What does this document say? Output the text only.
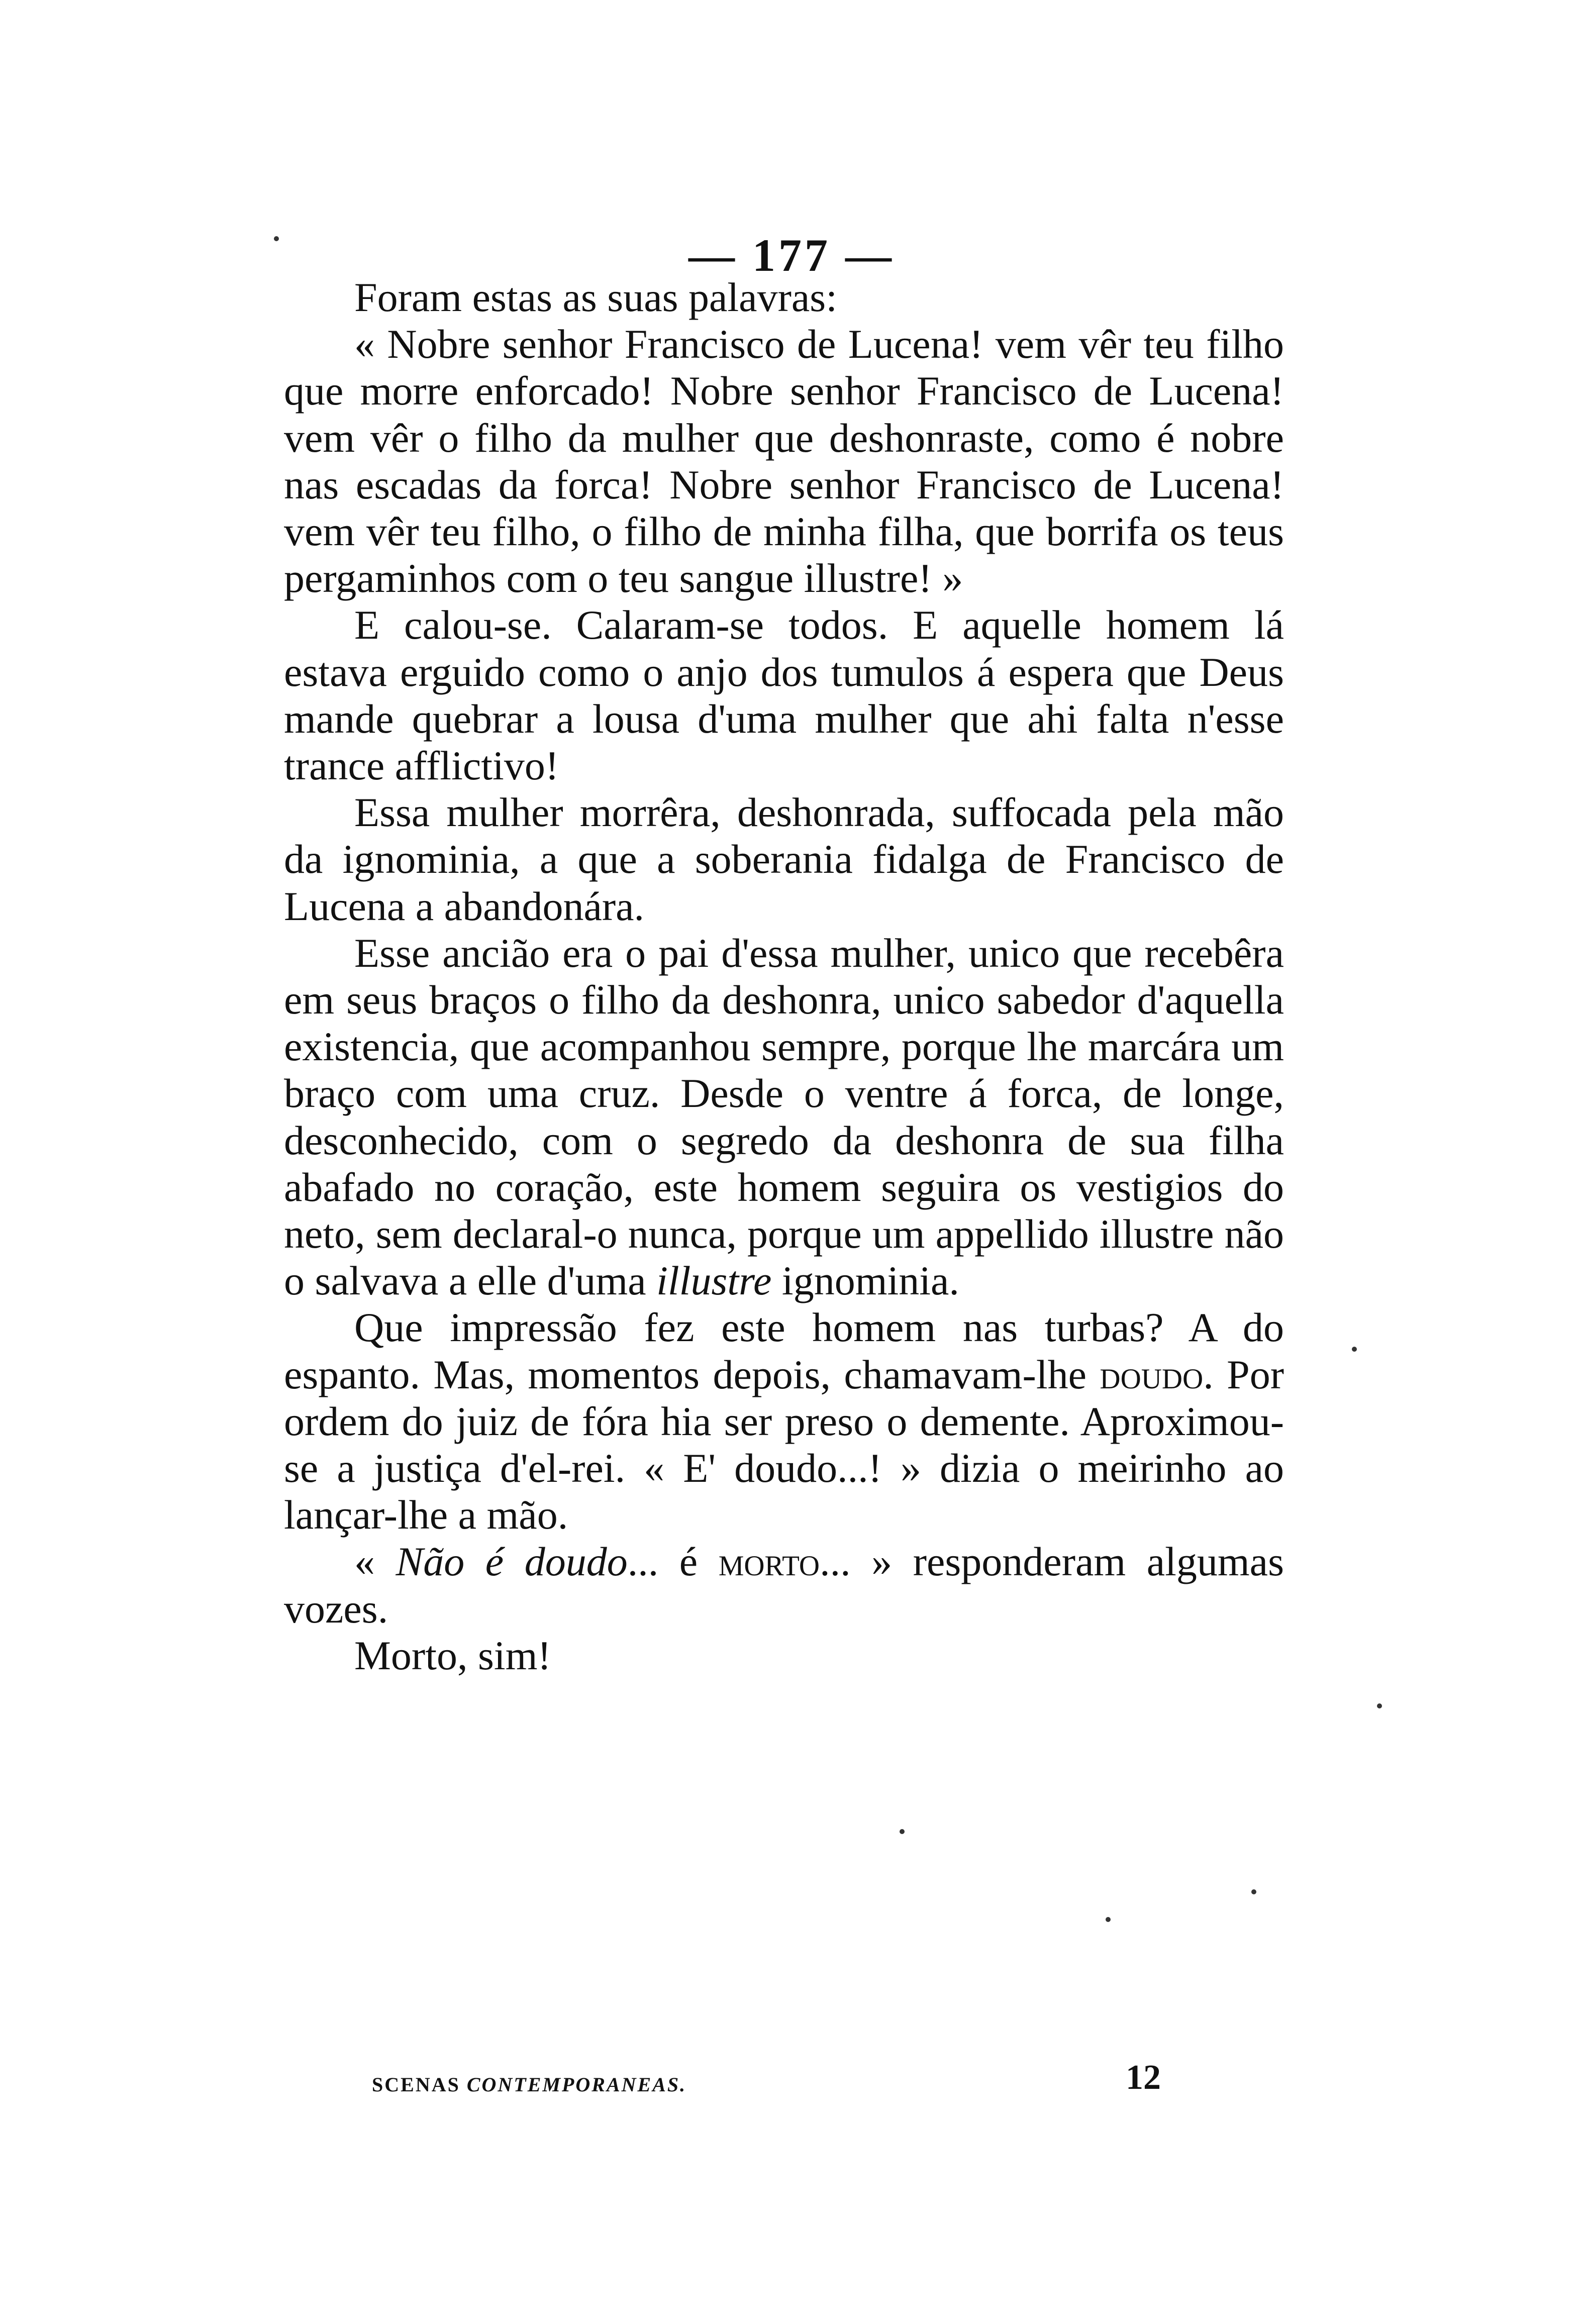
— 177 —

Foram estas as suas palavras:

« Nobre senhor Francisco de Lucena! vem vêr teu filho que morre enforcado! Nobre senhor Francisco de Lucena! vem vêr o filho da mulher que deshonraste, como é nobre nas escadas da forca! Nobre senhor Francisco de Lucena! vem vêr teu filho, o filho de minha filha, que borrifa os teus pergaminhos com o teu sangue illustre! »

E calou-se. Calaram-se todos. E aquelle homem lá estava erguido como o anjo dos tumulos á espera que Deus mande quebrar a lousa d'uma mulher que ahi falta n'esse trance afflictivo!

Essa mulher morrêra, deshonrada, suffocada pela mão da ignominia, a que a soberania fidalga de Francisco de Lucena a abandonára.

Esse ancião era o pai d'essa mulher, unico que recebêra em seus braços o filho da deshonra, unico sabedor d'aquella existencia, que acompanhou sempre, porque lhe marcára um braço com uma cruz. Desde o ventre á forca, de longe, desconhecido, com o segredo da deshonra de sua filha abafado no coração, este homem seguira os vestigios do neto, sem declaral-o nunca, porque um appellido illustre não o salvava a elle d'uma illustre ignominia.

Que impressão fez este homem nas turbas? A do espanto. Mas, momentos depois, chamavam-lhe doudo. Por ordem do juiz de fóra hia ser preso o demente. Aproximou-se a justiça d'el-rei. « E' doudo...! » dizia o meirinho ao lançar-lhe a mão.

« Não é doudo... é morto... » responderam algumas vozes.

Morto, sim!

SCENAS CONTEMPORANEAS.	12
